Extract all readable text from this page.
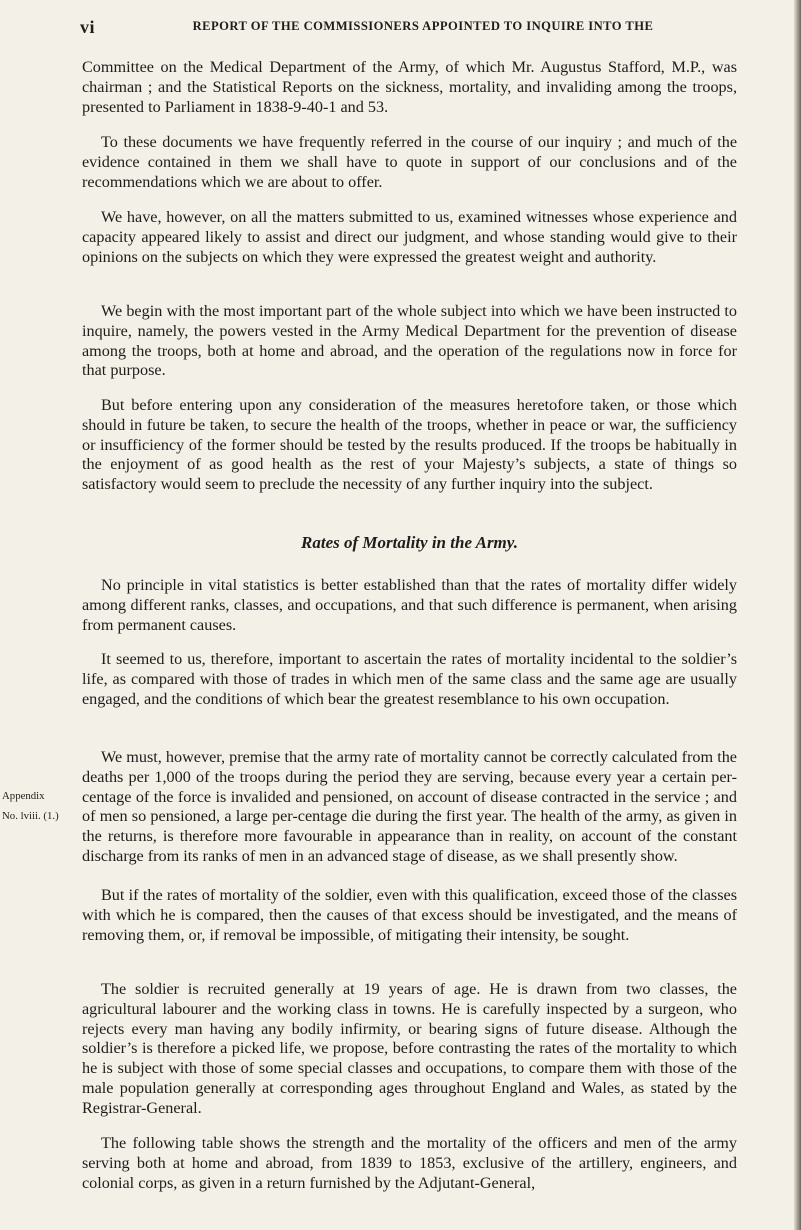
vi	REPORT OF THE COMMISSIONERS APPOINTED TO INQUIRE INTO THE

Committee on the Medical Department of the Army, of which Mr. Augustus Stafford, M.P., was chairman ; and the Statistical Reports on the sickness, mortality, and invaliding among the troops, presented to Parliament in 1838-9-40-1 and 53.

To these documents we have frequently referred in the course of our inquiry ; and much of the evidence contained in them we shall have to quote in support of our conclusions and of the recommendations which we are about to offer.

We have, however, on all the matters submitted to us, examined witnesses whose experience and capacity appeared likely to assist and direct our judgment, and whose standing would give to their opinions on the subjects on which they were expressed the greatest weight and authority.

We begin with the most important part of the whole subject into which we have been instructed to inquire, namely, the powers vested in the Army Medical Department for the prevention of disease among the troops, both at home and abroad, and the operation of the regulations now in force for that purpose.

But before entering upon any consideration of the measures heretofore taken, or those which should in future be taken, to secure the health of the troops, whether in peace or war, the sufficiency or insufficiency of the former should be tested by the results produced. If the troops be habitually in the enjoyment of as good health as the rest of your Majesty’s subjects, a state of things so satisfactory would seem to preclude the necessity of any further inquiry into the subject.

Rates of Mortality in the Army.

No principle in vital statistics is better established than that the rates of mortality differ widely among different ranks, classes, and occupations, and that such difference is permanent, when arising from permanent causes.

It seemed to us, therefore, important to ascertain the rates of mortality incidental to the soldier’s life, as compared with those of trades in which men of the same class and the same age are usually engaged, and the conditions of which bear the greatest resemblance to his own occupation.

We must, however, premise that the army rate of mortality cannot be correctly calculated from the deaths per 1,000 of the troops during the period they are serving, because every year a certain per-centage of the force is invalided and pensioned, on account of disease contracted in the service ; and of men so pensioned, a large per-centage die during the first year. The health of the army, as given in the returns, is therefore more favourable in appearance than in reality, on account of the constant discharge from its ranks of men in an advanced stage of disease, as we shall presently show.

But if the rates of mortality of the soldier, even with this qualification, exceed those of the classes with which he is compared, then the causes of that excess should be investigated, and the means of removing them, or, if removal be impossible, of mitigating their intensity, be sought.

The soldier is recruited generally at 19 years of age. He is drawn from two classes, the agricultural labourer and the working class in towns. He is carefully inspected by a surgeon, who rejects every man having any bodily infirmity, or bearing signs of future disease. Although the soldier’s is therefore a picked life, we propose, before contrasting the rates of the mortality to which he is subject with those of some special classes and occupations, to compare them with those of the male population generally at corresponding ages throughout England and Wales, as stated by the Registrar-General.

The following table shows the strength and the mortality of the officers and men of the army serving both at home and abroad, from 1839 to 1853, exclusive of the artillery, engineers, and colonial corps, as given in a return furnished by the Adjutant-General,

Appendix
No. lviii. (1.)
